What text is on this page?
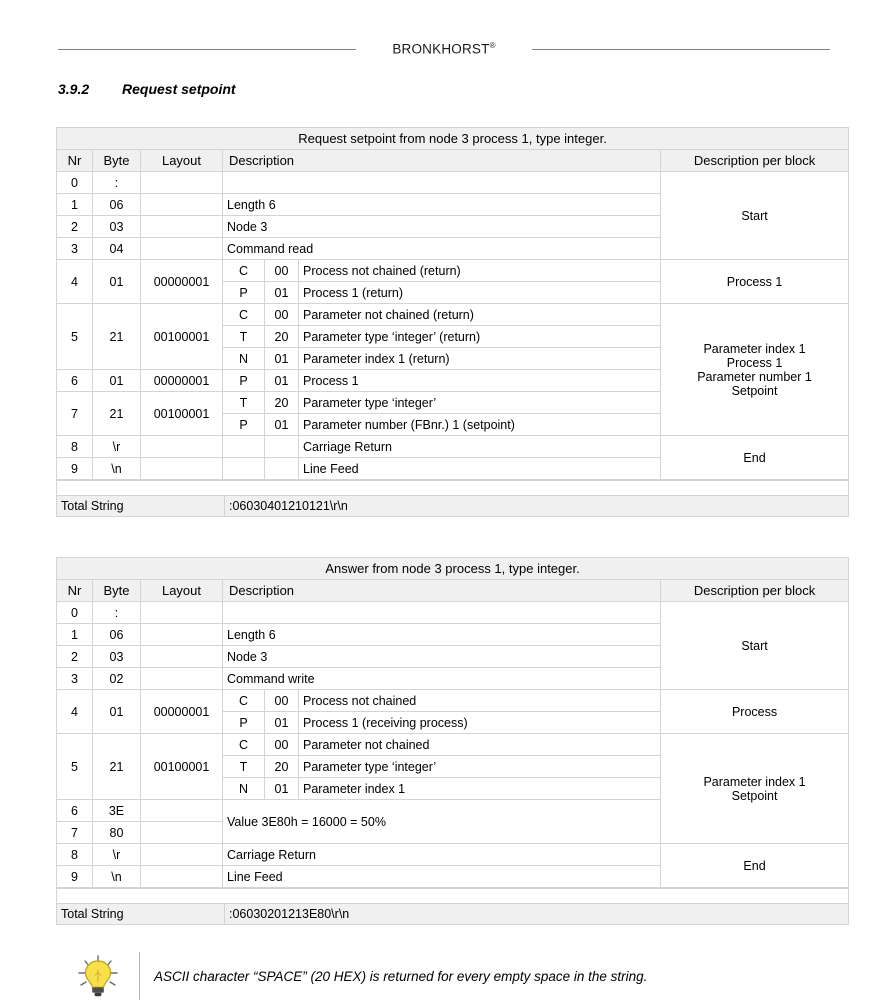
BRONKHORST®
3.9.2 Request setpoint
Request setpoint from node 3 process 1, type integer.						
Nr	Byte	Layout	Description			Description per block
0	:					Start
1	06		Length 6			
2	03		Node 3			
3	04		Command read			
4	01	00000001	C	00	Process not chained (return)	Process 1
			P	01	Process 1 (return)	
5	21	00100001	C	00	Parameter not chained (return)	Parameter index 1
Process 1
Parameter number 1
Setpoint
			T	20	Parameter type ‘integer’ (return)	
			N	01	Parameter index 1 (return)	
6	01	00000001	P	01	Process 1	
7	21	00100001	T	20	Parameter type ‘integer’	
			P	01	Parameter number (FBnr.) 1 (setpoint)	
8	\r				Carriage Return	End
9	\n				Line Feed	

Total String	:06030401210121\r\n
Answer from node 3 process 1, type integer.						
Nr	Byte	Layout	Description			Description per block
0	:					Start
1	06		Length 6			
2	03		Node 3			
3	02		Command write			
4	01	00000001	C	00	Process not chained	Process
			P	01	Process 1 (receiving process)	
5	21	00100001	C	00	Parameter not chained	Parameter index 1
Setpoint
			T	20	Parameter type ‘integer’	
			N	01	Parameter index 1	
6	3E		Value 3E80h = 16000 = 50%			
7	80					
8	\r		Carriage Return			End
9	\n		Line Feed			

Total String	:06030201213E80\r\n
ASCII character “SPACE” (20 HEX) is returned for every empty space in the string.
